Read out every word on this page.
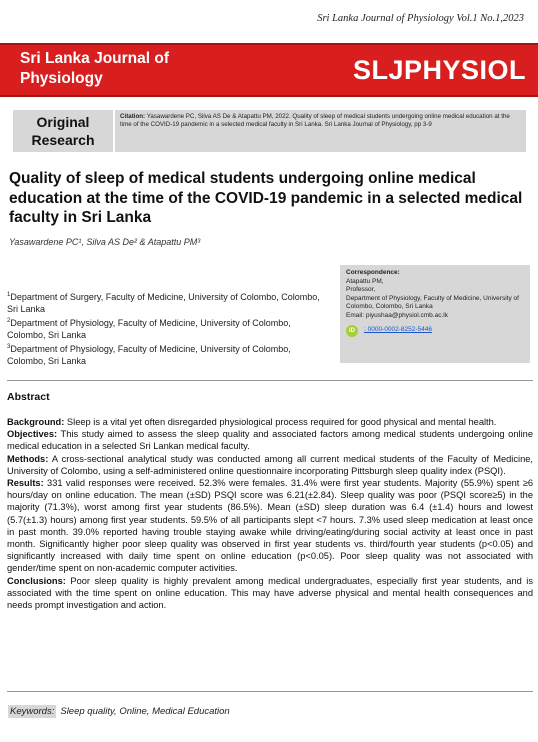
Sri Lanka Journal of Physiology Vol.1 No.1,2023
Sri Lanka Journal of Physiology	SLJPHYSIOL
Original Research
Citation: Yasawardene PC, Silva AS De & Atapattu PM, 2022. Quality of sleep of medical students undergoing online medical education at the time of the COVID-19 pandemic in a selected medical faculty in Sri Lanka. Sri Lanka Journal of Physiology, pp 3-9
Quality of sleep of medical students undergoing online medical education at the time of the COVID-19 pandemic in a selected medical faculty in Sri Lanka
Yasawardene PC¹, Silva AS De² & Atapattu PM³
$^1$Department of Surgery, Faculty of Medicine, University of Colombo, Colombo, Sri Lanka
$^2$Department of Physiology, Faculty of Medicine, University of Colombo, Colombo, Sri Lanka
$^3$Department of Physiology, Faculty of Medicine, University of Colombo, Colombo, Sri Lanka
Correspondence:
Atapattu PM,
Professor,
Department of Physiology, Faculty of Medicine, University of Colombo, Colombo, Sri Lanka
Email: piyushaa@physiol.cmb.ac.lk
iD	: 0000-0002-8252-5446
Abstract

Background: Sleep is a vital yet often disregarded physiological process required for good physical and mental health.

Objectives: This study aimed to assess the sleep quality and associated factors among medical students undergoing online medical education in a selected Sri Lankan medical faculty.

Methods: A cross-sectional analytical study was conducted among all current medical students of the Faculty of Medicine, University of Colombo, using a self-administered online questionnaire incorporating Pittsburgh sleep quality index (PSQI).

Results: 331 valid responses were received. 52.3% were females. 31.4% were first year students. Majority (55.9%) spent ≥6 hours/day on online education. The mean (±SD) PSQI score was 6.21(±2.84). Sleep quality was poor (PSQI score≥5) in the majority (71.3%), worst among first year students (86.5%). Mean (±SD) sleep duration was 6.4 (±1.4) hours and lowest (5.7(±1.3) hours) among first year students. 59.5% of all participants slept <7 hours. 7.3% used sleep medication at least once in past month. 39.0% reported having trouble staying awake while driving/eating/during social activity at least once in past month. Significantly higher poor sleep quality was observed in first year students vs. third/fourth year students (p<0.05) and significantly increased with daily time spent on online education (p<0.05). Poor sleep quality was not associated with gender/time spent on non-academic computer activities.

Conclusions: Poor sleep quality is highly prevalent among medical undergraduates, especially first year students, and is associated with the time spent on online education. This may have adverse physical and mental health consequences and needs prompt investigation and action.

Keywords: Sleep quality, Online, Medical Education
